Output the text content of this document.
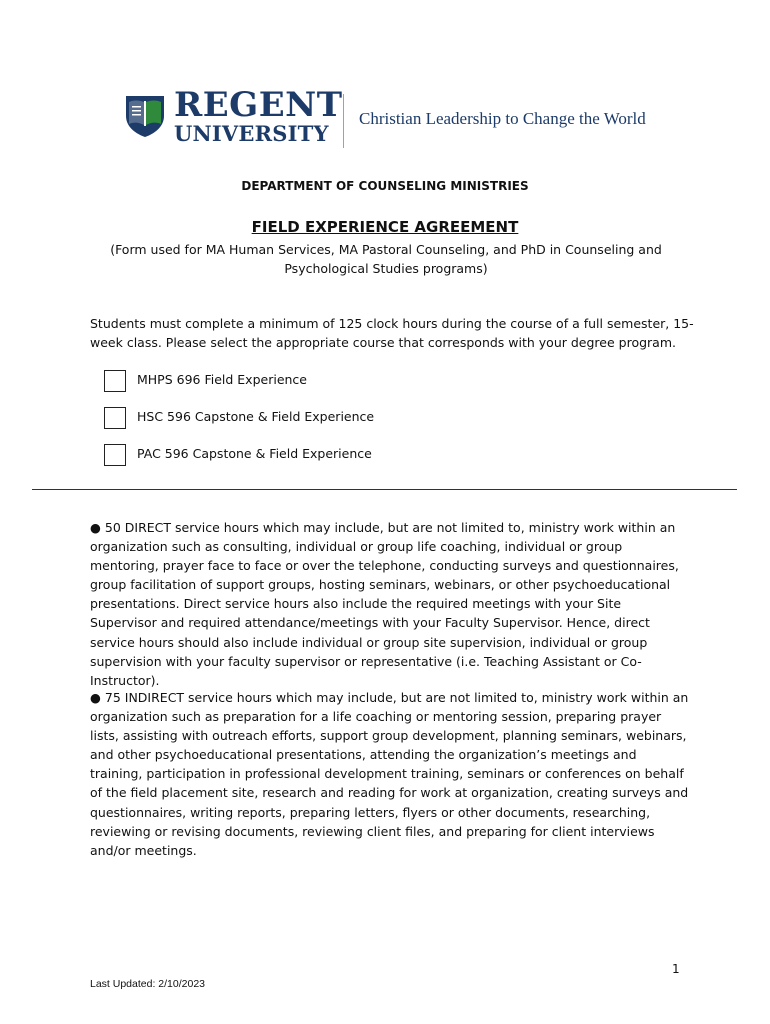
REGENT
UNIVERSITY
Christian Leadership to Change the World
DEPARTMENT OF COUNSELING MINISTRIES
FIELD EXPERIENCE AGREEMENT
(Form used for MA Human Services, MA Pastoral Counseling, and PhD in Counseling and Psychological Studies programs)
Students must complete a minimum of 125 clock hours during the course of a full semester, 15-week class. Please select the appropriate course that corresponds with your degree program.
MHPS 696 Field Experience
HSC 596 Capstone & Field Experience
PAC 596 Capstone & Field Experience
● 50 DIRECT service hours which may include, but are not limited to, ministry work within an organization such as consulting, individual or group life coaching, individual or group mentoring, prayer face to face or over the telephone, conducting surveys and questionnaires, group facilitation of support groups, hosting seminars, webinars, or other psychoeducational presentations. Direct service hours also include the required meetings with your Site Supervisor and required attendance/meetings with your Faculty Supervisor. Hence, direct service hours should also include individual or group site supervision, individual or group supervision with your faculty supervisor or representative (i.e. Teaching Assistant or Co- Instructor).
● 75 INDIRECT service hours which may include, but are not limited to, ministry work within an organization such as preparation for a life coaching or mentoring session, preparing prayer lists, assisting with outreach efforts, support group development, planning seminars, webinars, and other psychoeducational presentations, attending the organization’s meetings and training, participation in professional development training, seminars or conferences on behalf of the field placement site, research and reading for work at organization, creating surveys and questionnaires, writing reports, preparing letters, flyers or other documents, researching, reviewing or revising documents, reviewing client files, and preparing for client interviews and/or meetings.
1
Last Updated: 2/10/2023
